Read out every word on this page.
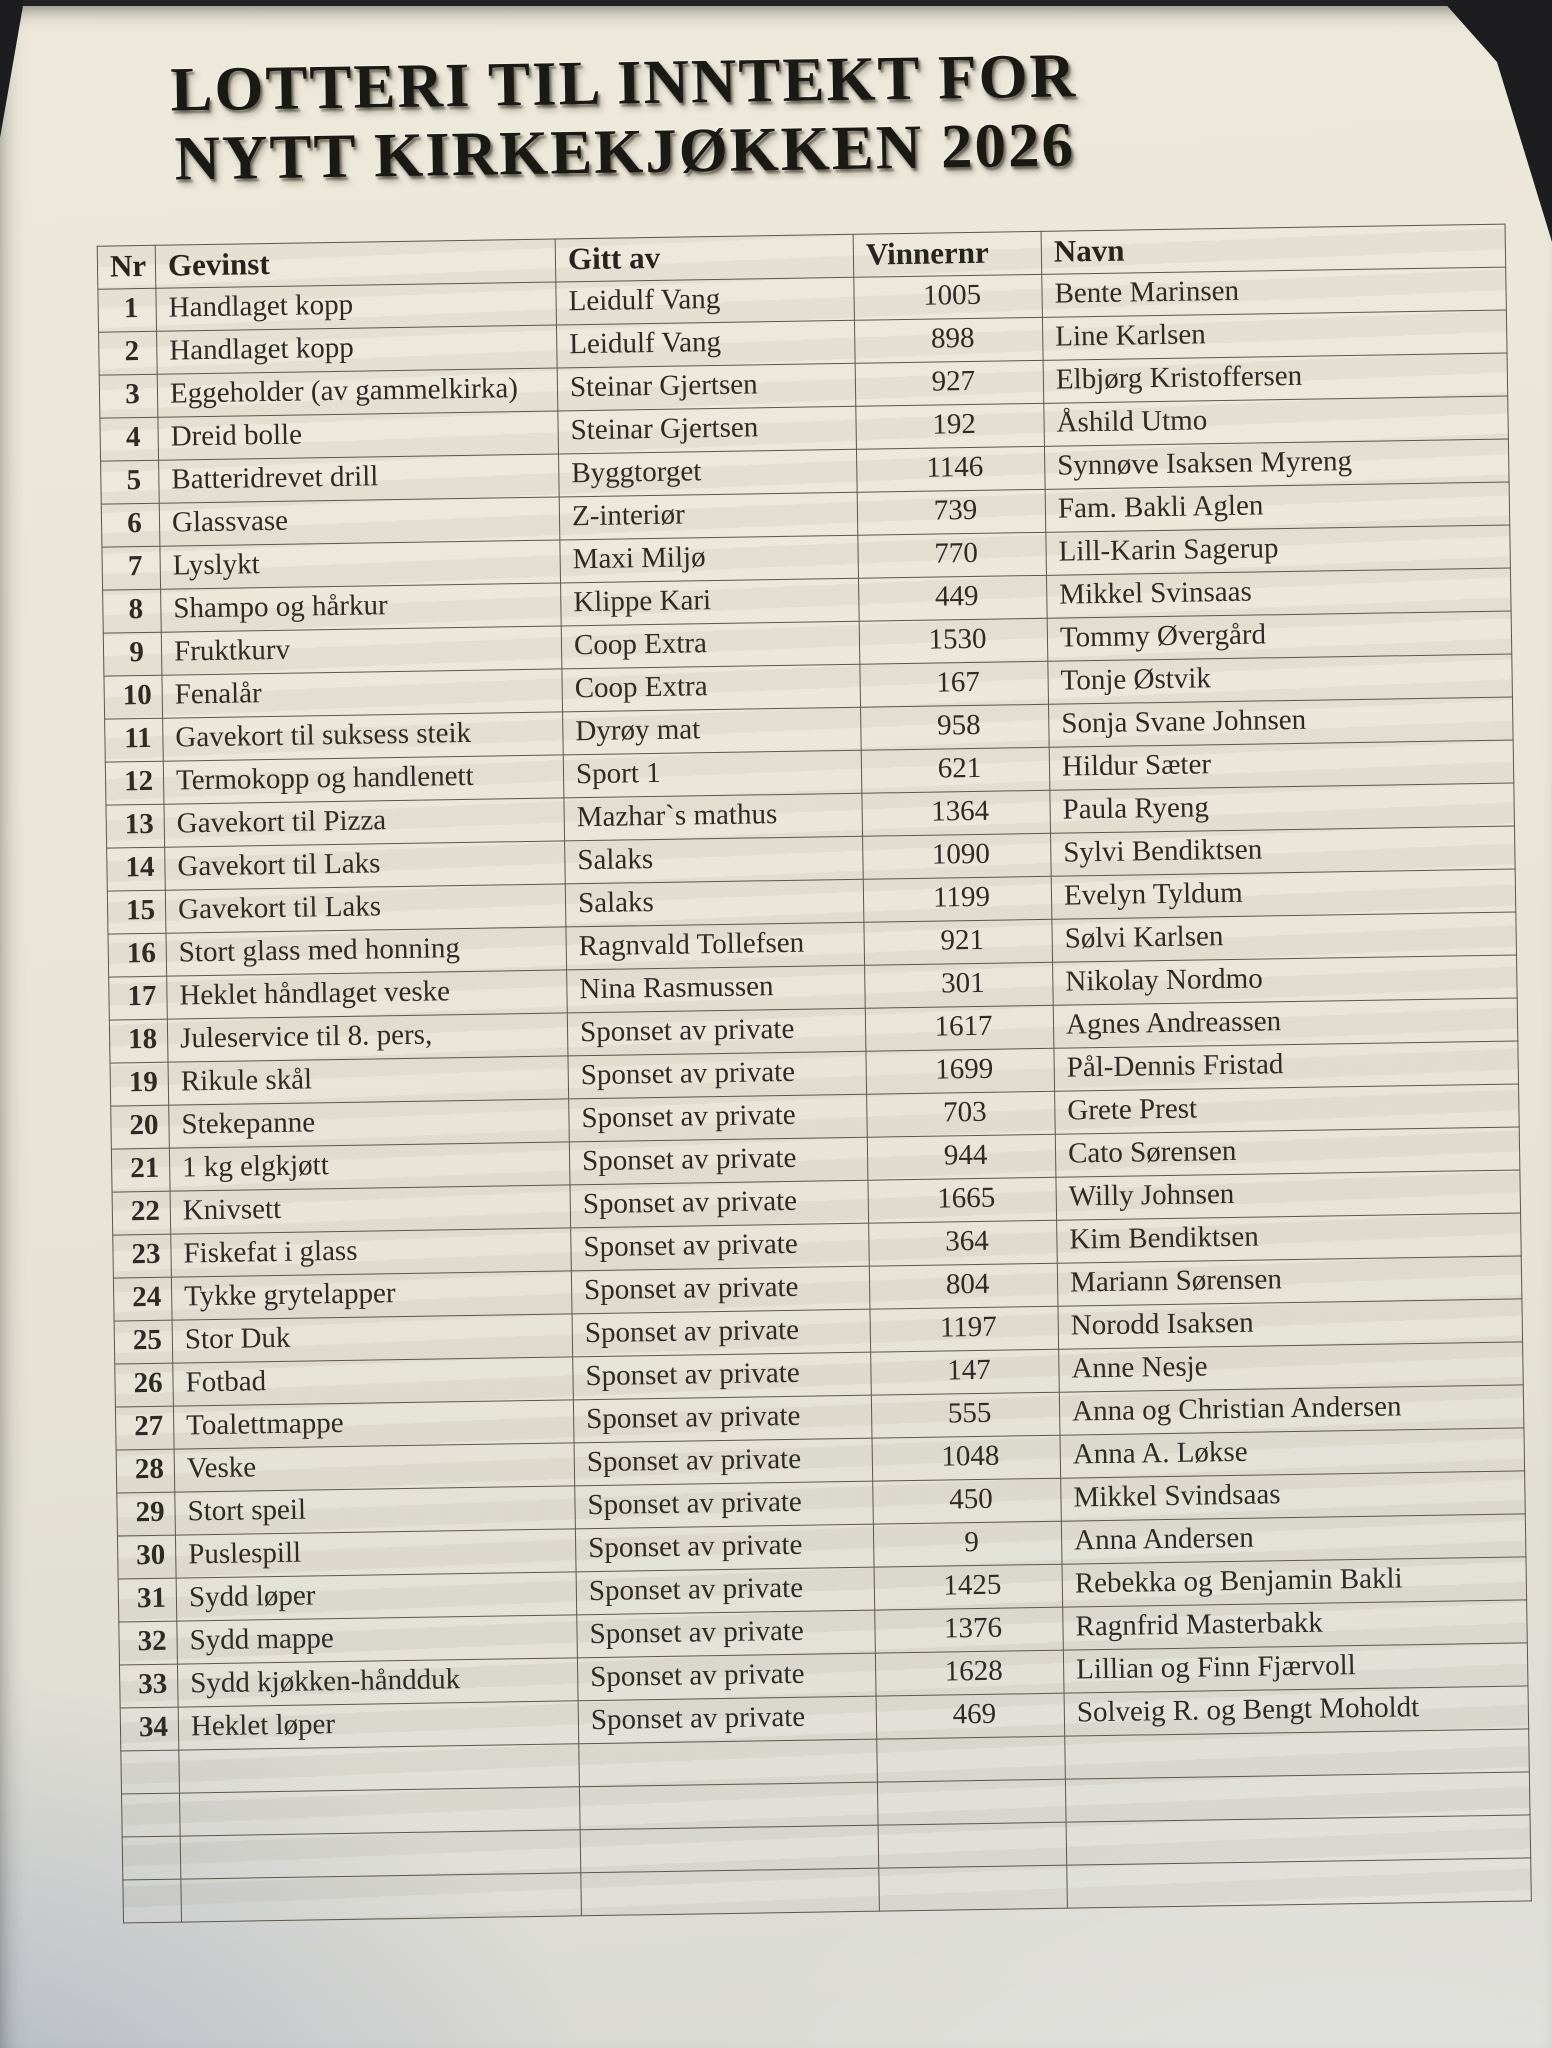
LOTTERI TIL INNTEKT FOR
NYTT KIRKEKJØKKEN 2026
Nr	Gevinst	Gitt av	Vinnernr	Navn
1	Handlaget kopp	Leidulf Vang	1005	Bente Marinsen
2	Handlaget kopp	Leidulf Vang	898	Line Karlsen
3	Eggeholder (av gammelkirka)	Steinar Gjertsen	927	Elbjørg Kristoffersen
4	Dreid bolle	Steinar Gjertsen	192	Åshild Utmo
5	Batteridrevet drill	Byggtorget	1146	Synnøve Isaksen Myreng
6	Glassvase	Z-interiør	739	Fam. Bakli Aglen
7	Lyslykt	Maxi Miljø	770	Lill-Karin Sagerup
8	Shampo og hårkur	Klippe Kari	449	Mikkel Svinsaas
9	Fruktkurv	Coop Extra	1530	Tommy Øvergård
10	Fenalår	Coop Extra	167	Tonje Østvik
11	Gavekort til suksess steik	Dyrøy mat	958	Sonja Svane Johnsen
12	Termokopp og handlenett	Sport 1	621	Hildur Sæter
13	Gavekort til Pizza	Mazhar`s mathus	1364	Paula Ryeng
14	Gavekort til Laks	Salaks	1090	Sylvi Bendiktsen
15	Gavekort til Laks	Salaks	1199	Evelyn Tyldum
16	Stort glass med honning	Ragnvald Tollefsen	921	Sølvi Karlsen
17	Heklet håndlaget veske	Nina Rasmussen	301	Nikolay Nordmo
18	Juleservice til 8. pers,	Sponset av private	1617	Agnes Andreassen
19	Rikule skål	Sponset av private	1699	Pål-Dennis Fristad
20	Stekepanne	Sponset av private	703	Grete Prest
21	1 kg elgkjøtt	Sponset av private	944	Cato Sørensen
22	Knivsett	Sponset av private	1665	Willy Johnsen
23	Fiskefat i glass	Sponset av private	364	Kim Bendiktsen
24	Tykke grytelapper	Sponset av private	804	Mariann Sørensen
25	Stor Duk	Sponset av private	1197	Norodd Isaksen
26	Fotbad	Sponset av private	147	Anne Nesje
27	Toalettmappe	Sponset av private	555	Anna og Christian Andersen
28	Veske	Sponset av private	1048	Anna A. Løkse
29	Stort speil	Sponset av private	450	Mikkel Svindsaas
30	Puslespill	Sponset av private	9	Anna Andersen
31	Sydd løper	Sponset av private	1425	Rebekka og Benjamin Bakli
32	Sydd mappe	Sponset av private	1376	Ragnfrid Masterbakk
33	Sydd kjøkken-håndduk	Sponset av private	1628	Lillian og Finn Fjærvoll
34	Heklet løper	Sponset av private	469	Solveig R. og Bengt Moholdt
